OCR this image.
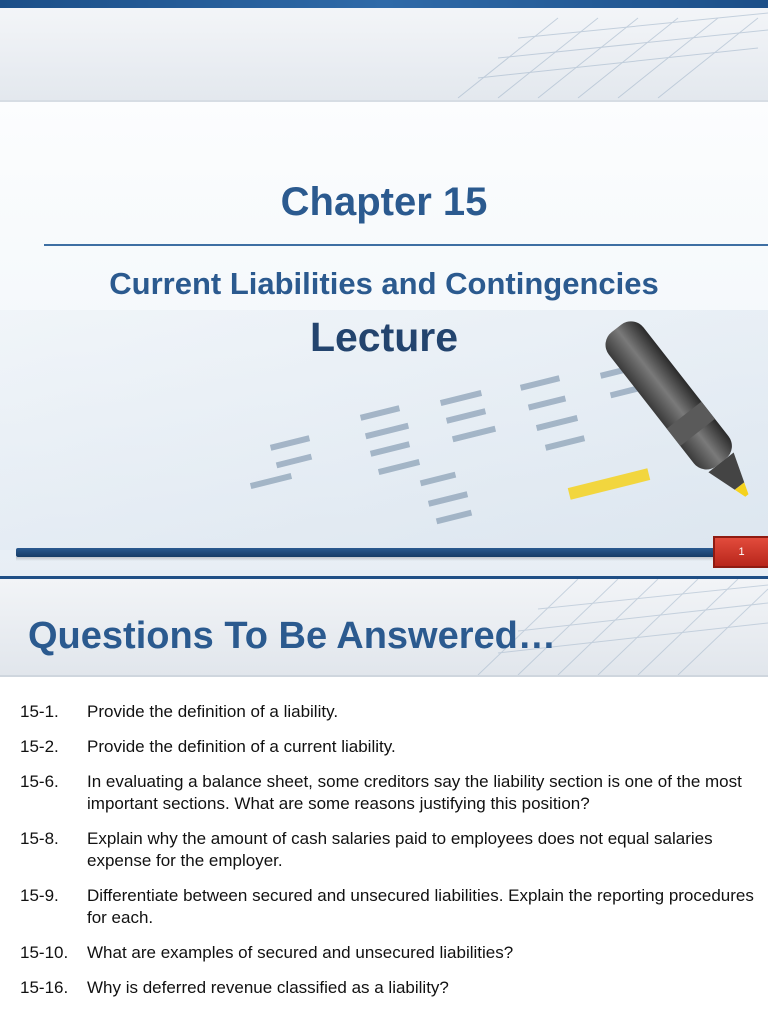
Chapter 15
Current Liabilities and Contingencies
Lecture
1
Questions To Be Answered…
15-1.	Provide the definition of a liability.
15-2.	Provide the definition of a current liability.
15-6.	In evaluating a balance sheet, some creditors say the liability section is one of the most important sections. What are some reasons justifying this position?
15-8.	Explain why the amount of cash salaries paid to employees does not equal salaries expense for the employer.
15-9.	Differentiate between secured and unsecured liabilities. Explain the reporting procedures for each.
15-10.	What are examples of secured and unsecured liabilities?
15-16.	Why is deferred revenue classified as a liability?
